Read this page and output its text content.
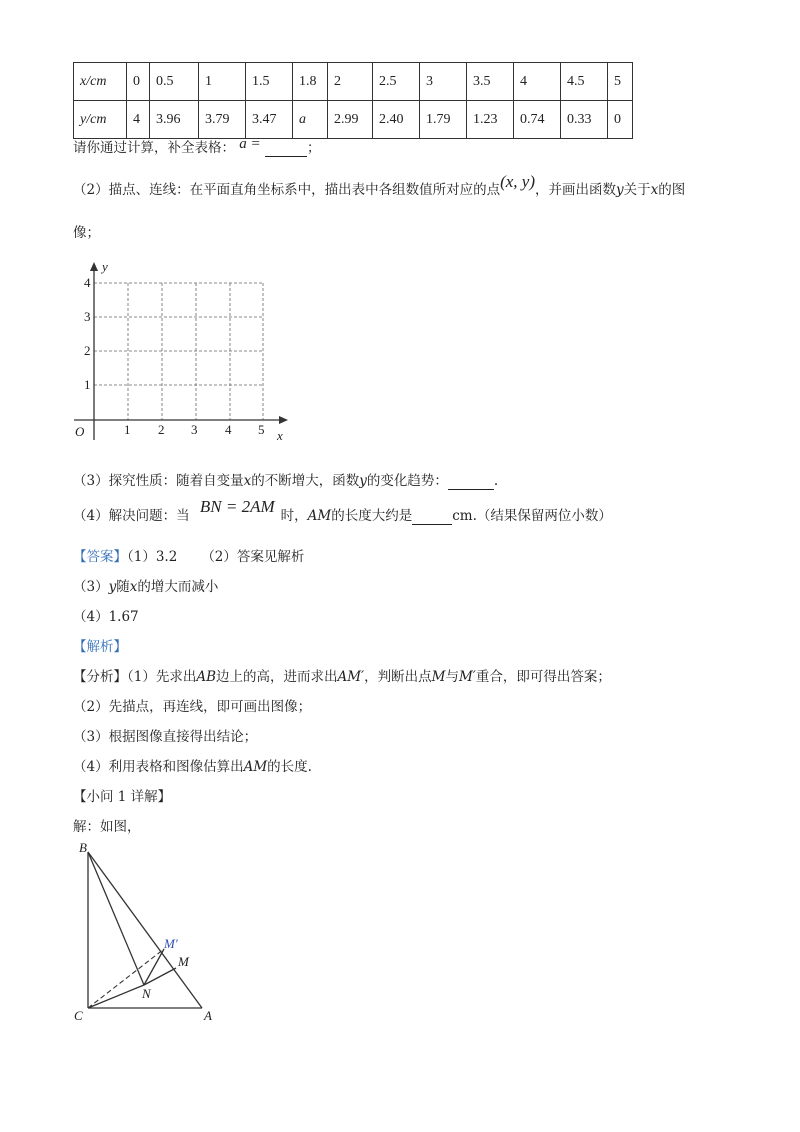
x/cm	0	0.5	1	1.5	1.8	2	2.5	3	3.5	4	4.5	5
y/cm	4	3.96	3.79	3.47	a	2.99	2.40	1.79	1.23	0.74	0.33	0
请你通过计算，补全表格： a =	；
（2）描点、连线：在平面直角坐标系中，描出表中各组数值所对应的点(x, y)，并画出函数y关于x的图
像；
1 2 3 4 5
1
2
3
4
O	x
y
（3）探究性质：随着自变量x的不断增大，函数y的变化趋势：	.
（4）解决问题：当 BN = 2AM 时，AM的长度大约是	cm.（结果保留两位小数）
【答案】（1）3.2 （2）答案见解析
（3）y随x的增大而减小
（4）1.67
【解析】
【分析】（1）先求出AB边上的高，进而求出AM′，判断出点M与M′重合，即可得出答案；
（2）先描点，再连线，即可画出图像；
（3）根据图像直接得出结论；
（4）利用表格和图像估算出AM的长度.
【小问 1 详解】
解：如图，
B
C	A
M
M′
N
